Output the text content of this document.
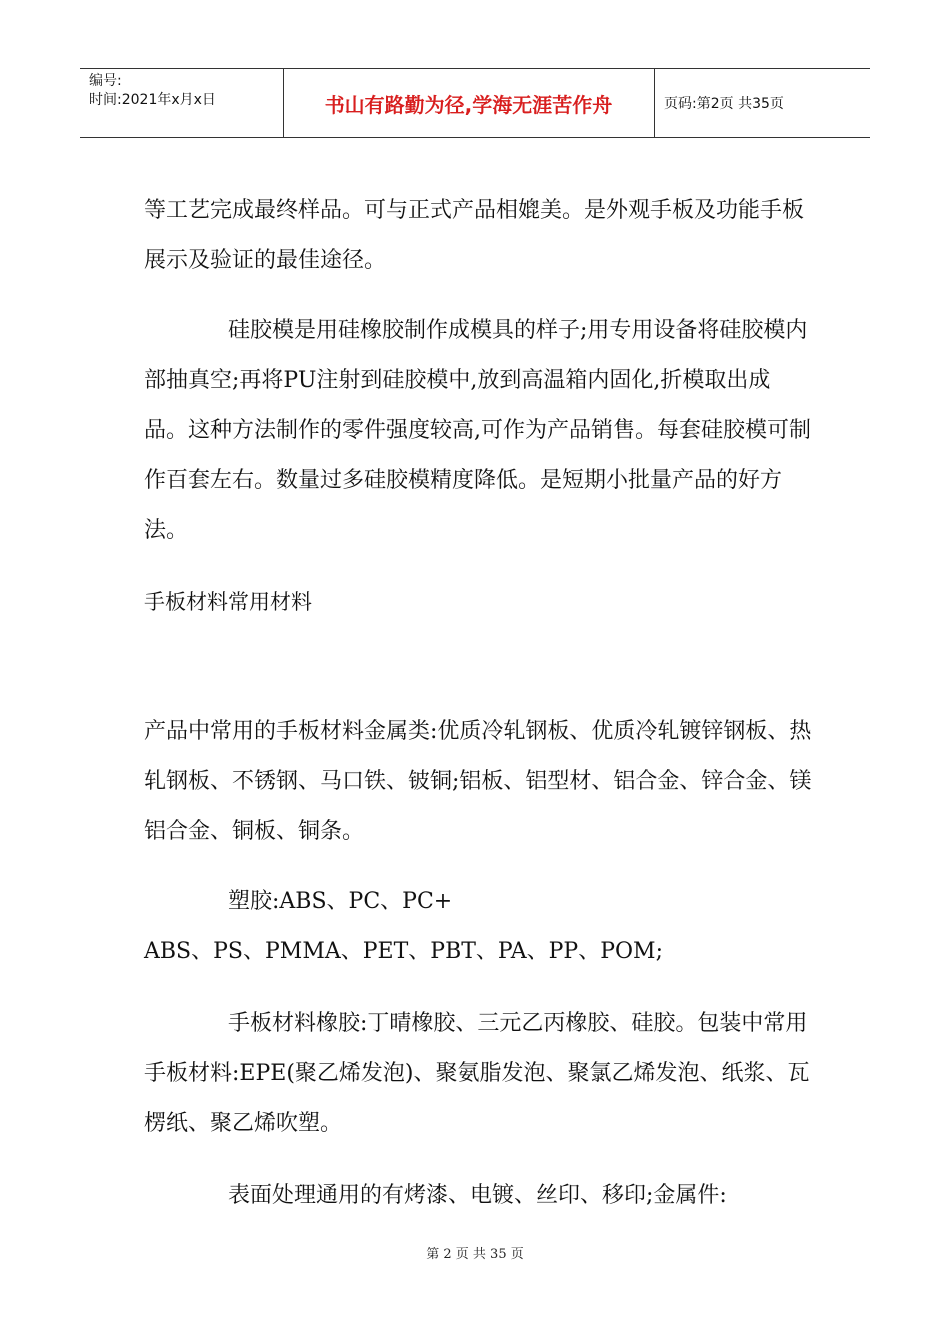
编号:
时间:2021年x月x日	书山有路勤为径,学海无涯苦作舟	页码:第2页 共35页

等工艺完成最终样品。可与正式产品相媲美。是外观手板及功能手板展示及验证的最佳途径。

硅胶模是用硅橡胶制作成模具的样子;用专用设备将硅胶模内部抽真空;再将PU注射到硅胶模中,放到高温箱内固化,折模取出成品。这种方法制作的零件强度较高,可作为产品销售。每套硅胶模可制作百套左右。数量过多硅胶模精度降低。是短期小批量产品的好方法。

手板材料常用材料

产品中常用的手板材料金属类:优质冷轧钢板、优质冷轧镀锌钢板、热轧钢板、不锈钢、马口铁、铍铜;铝板、铝型材、铝合金、锌合金、镁铝合金、铜板、铜条。

塑胶:ABS、PC、PC+

ABS、PS、PMMA、PET、PBT、PA、PP、POM;

手板材料橡胶:丁晴橡胶、三元乙丙橡胶、硅胶。包装中常用手板材料:EPE(聚乙烯发泡)、聚氨脂发泡、聚氯乙烯发泡、纸浆、瓦楞纸、聚乙烯吹塑。

表面处理通用的有烤漆、电镀、丝印、移印;金属件:

第 2 页 共 35 页
